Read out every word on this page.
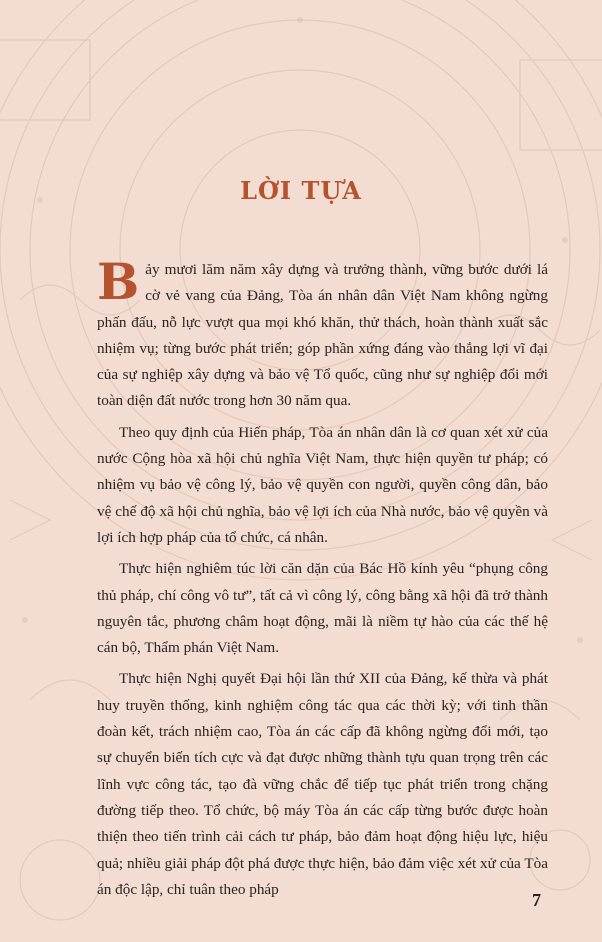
LỜI TỰA

Bảy mươi lăm năm xây dựng và trưởng thành, vững bước dưới lá cờ vẻ vang của Đảng, Tòa án nhân dân Việt Nam không ngừng phấn đấu, nỗ lực vượt qua mọi khó khăn, thử thách, hoàn thành xuất sắc nhiệm vụ; từng bước phát triển; góp phần xứng đáng vào thắng lợi vĩ đại của sự nghiệp xây dựng và bảo vệ Tổ quốc, cũng như sự nghiệp đổi mới toàn diện đất nước trong hơn 30 năm qua.

Theo quy định của Hiến pháp, Tòa án nhân dân là cơ quan xét xử của nước Cộng hòa xã hội chủ nghĩa Việt Nam, thực hiện quyền tư pháp; có nhiệm vụ bảo vệ công lý, bảo vệ quyền con người, quyền công dân, bảo vệ chế độ xã hội chủ nghĩa, bảo vệ lợi ích của Nhà nước, bảo vệ quyền và lợi ích hợp pháp của tổ chức, cá nhân.

Thực hiện nghiêm túc lời căn dặn của Bác Hồ kính yêu “phụng công thủ pháp, chí công vô tư”, tất cả vì công lý, công bằng xã hội đã trở thành nguyên tắc, phương châm hoạt động, mãi là niềm tự hào của các thế hệ cán bộ, Thẩm phán Việt Nam.

Thực hiện Nghị quyết Đại hội lần thứ XII của Đảng, kế thừa và phát huy truyền thống, kinh nghiệm công tác qua các thời kỳ; với tinh thần đoàn kết, trách nhiệm cao, Tòa án các cấp đã không ngừng đổi mới, tạo sự chuyển biến tích cực và đạt được những thành tựu quan trọng trên các lĩnh vực công tác, tạo đà vững chắc để tiếp tục phát triển trong chặng đường tiếp theo. Tổ chức, bộ máy Tòa án các cấp từng bước được hoàn thiện theo tiến trình cải cách tư pháp, bảo đảm hoạt động hiệu lực, hiệu quả; nhiều giải pháp đột phá được thực hiện, bảo đảm việc xét xử của Tòa án độc lập, chỉ tuân theo pháp

7
